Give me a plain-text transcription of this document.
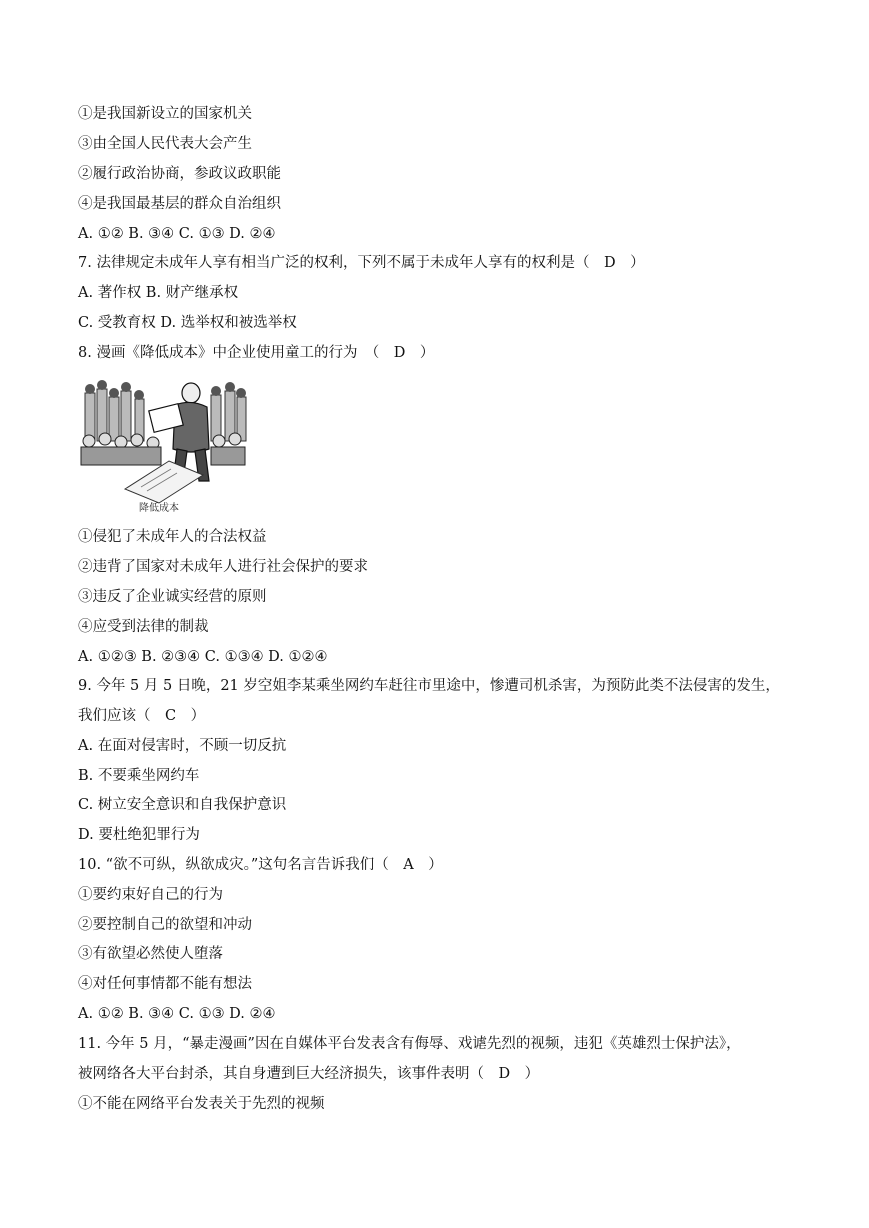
①是我国新设立的国家机关
③由全国人民代表大会产生
②履行政治协商，参政议政职能
④是我国最基层的群众自治组织
A. ①② B. ③④ C. ①③ D. ②④
7. 法律规定未成年人享有相当广泛的权利，下列不属于未成年人享有的权利是（　D　）
A. 著作权 B. 财产继承权
C. 受教育权 D. 选举权和被选举权
8. 漫画《降低成本》中企业使用童工的行为　（　D　）
降低成本
①侵犯了未成年人的合法权益
②违背了国家对未成年人进行社会保护的要求
③违反了企业诚实经营的原则
④应受到法律的制裁
A. ①②③ B. ②③④ C. ①③④ D. ①②④
9. 今年 5 月 5 日晚，21 岁空姐李某乘坐网约车赶往市里途中，惨遭司机杀害，为预防此类不法侵害的发生，
我们应该（　C　）
A. 在面对侵害时，不顾一切反抗
B. 不要乘坐网约车
C. 树立安全意识和自我保护意识
D. 要杜绝犯罪行为
10. “欲不可纵，纵欲成灾。”这句名言告诉我们（　A　）
①要约束好自己的行为
②要控制自己的欲望和冲动
③有欲望必然使人堕落
④对任何事情都不能有想法
A. ①② B. ③④ C. ①③ D. ②④
11. 今年 5 月，“暴走漫画”因在自媒体平台发表含有侮辱、戏谑先烈的视频，违犯《英雄烈士保护法》，
被网络各大平台封杀，其自身遭到巨大经济损失，该事件表明（　D　）
①不能在网络平台发表关于先烈的视频
